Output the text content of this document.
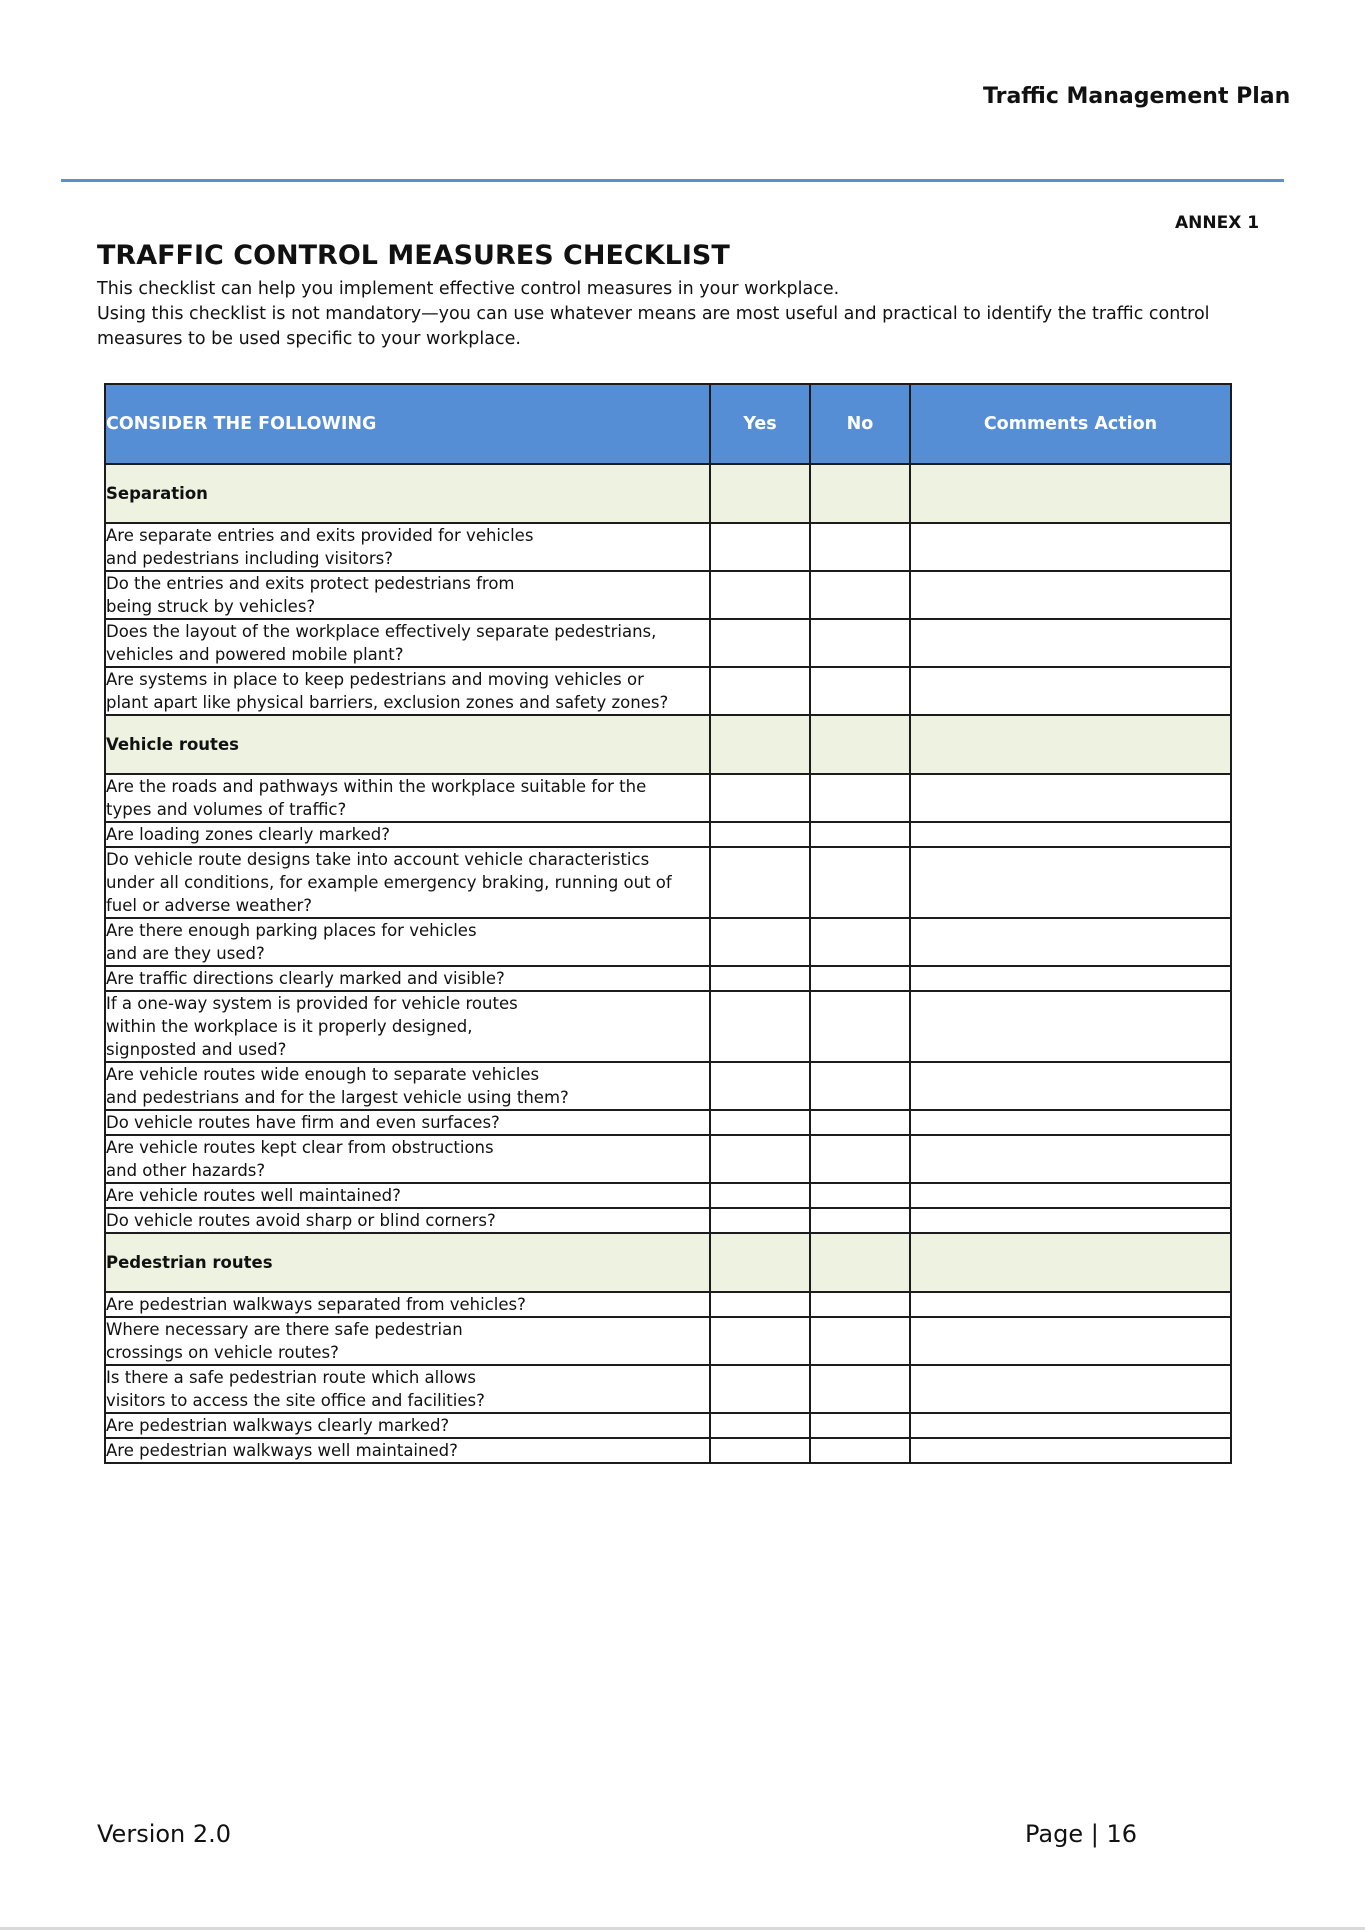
Traffic Management Plan
ANNEX 1
TRAFFIC CONTROL MEASURES CHECKLIST

This checklist can help you implement effective control measures in your workplace.

Using this checklist is not mandatory—you can use whatever means are most useful and practical to identify the traffic control measures to be used specific to your workplace.

CONSIDER THE FOLLOWING	Yes	No	Comments Action
Separation			
Are separate entries and exits provided for vehicles
and pedestrians including visitors?			
Do the entries and exits protect pedestrians from
being struck by vehicles?			
Does the layout of the workplace effectively separate pedestrians,
vehicles and powered mobile plant?			
Are systems in place to keep pedestrians and moving vehicles or
plant apart like physical barriers, exclusion zones and safety zones?			
Vehicle routes			
Are the roads and pathways within the workplace suitable for the
types and volumes of traffic?			
Are loading zones clearly marked?			
Do vehicle route designs take into account vehicle characteristics
under all conditions, for example emergency braking, running out of
fuel or adverse weather?			
Are there enough parking places for vehicles
and are they used?			
Are traffic directions clearly marked and visible?			
If a one-way system is provided for vehicle routes
within the workplace is it properly designed,
signposted and used?			
Are vehicle routes wide enough to separate vehicles
and pedestrians and for the largest vehicle using them?			
Do vehicle routes have firm and even surfaces?			
Are vehicle routes kept clear from obstructions
and other hazards?			
Are vehicle routes well maintained?			
Do vehicle routes avoid sharp or blind corners?			
Pedestrian routes			
Are pedestrian walkways separated from vehicles?			
Where necessary are there safe pedestrian
crossings on vehicle routes?			
Is there a safe pedestrian route which allows
visitors to access the site office and facilities?			
Are pedestrian walkways clearly marked?			
Are pedestrian walkways well maintained?			
Version 2.0	Page | 16
